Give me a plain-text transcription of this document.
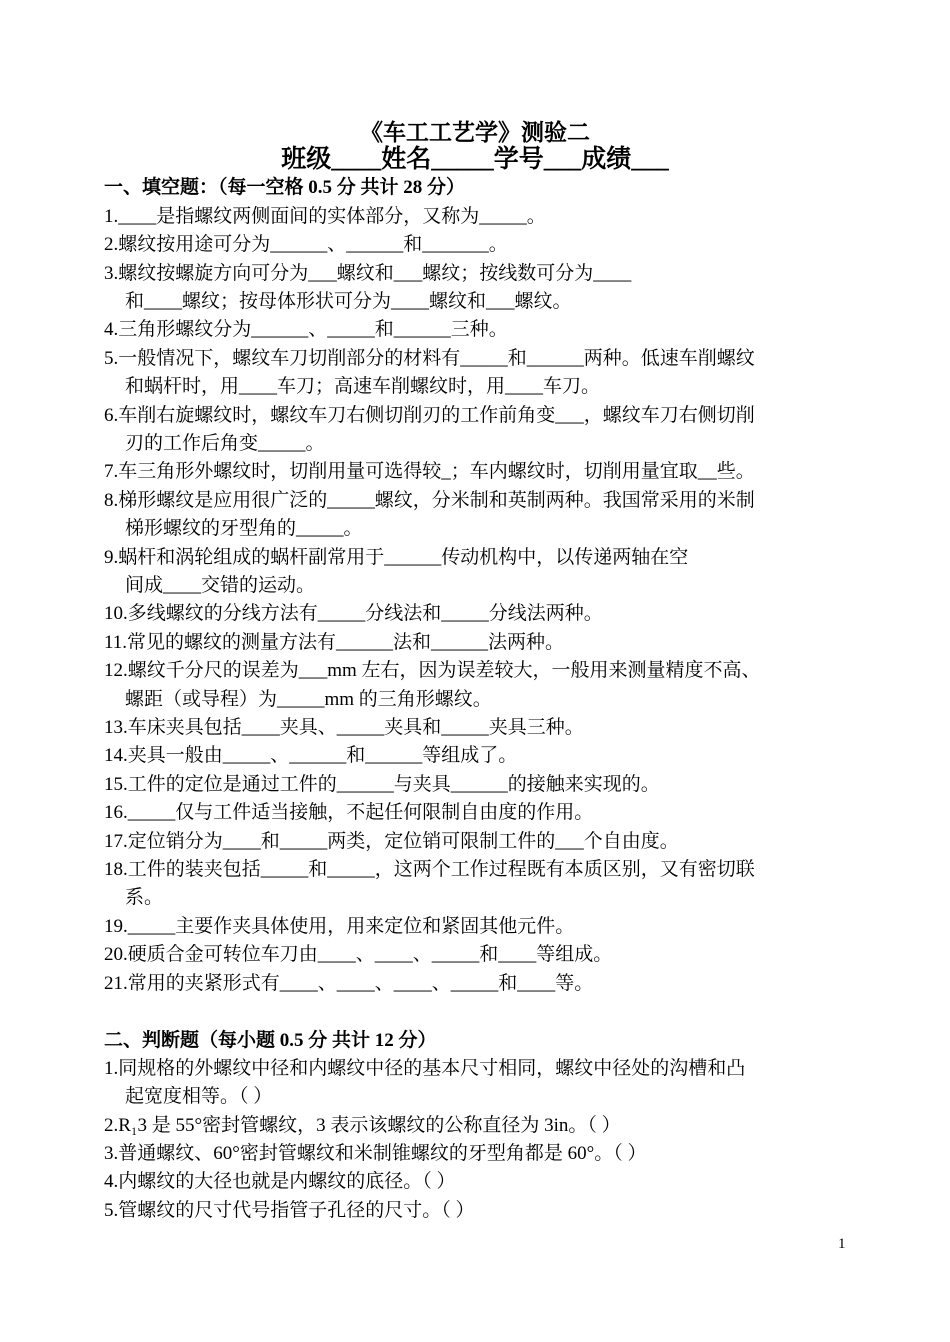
《车工工艺学》测验二
班级____姓名_____学号___成绩___
一、填空题：（每一空格 0.5 分 共计 28 分）
1.____是指螺纹两侧面间的实体部分，又称为_____。
2.螺纹按用途可分为______、______和_______。
3.螺纹按螺旋方向可分为___螺纹和___螺纹；按线数可分为____
和____螺纹；按母体形状可分为____螺纹和___螺纹。
4.三角形螺纹分为______、_____和______三种。
5.一般情况下，螺纹车刀切削部分的材料有_____和______两种。低速车削螺纹
和蜗杆时，用____车刀；高速车削螺纹时，用____车刀。
6.车削右旋螺纹时，螺纹车刀右侧切削刃的工作前角变___，螺纹车刀右侧切削
刃的工作后角变_____。
7.车三角形外螺纹时，切削用量可选得较_；车内螺纹时，切削用量宜取__些。
8.梯形螺纹是应用很广泛的_____螺纹，分米制和英制两种。我国常采用的米制
梯形螺纹的牙型角的_____。
9.蜗杆和涡轮组成的蜗杆副常用于______传动机构中，以传递两轴在空
间成____交错的运动。
10.多线螺纹的分线方法有_____分线法和_____分线法两种。
11.常见的螺纹的测量方法有______法和______法两种。
12.螺纹千分尺的误差为___mm 左右，因为误差较大，一般用来测量精度不高、
螺距（或导程）为_____mm 的三角形螺纹。
13.车床夹具包括____夹具、_____夹具和_____夹具三种。
14.夹具一般由_____、______和______等组成了。
15.工件的定位是通过工件的______与夹具______的接触来实现的。
16._____仅与工件适当接触，不起任何限制自由度的作用。
17.定位销分为____和_____两类，定位销可限制工件的___个自由度。
18.工件的装夹包括_____和_____，这两个工作过程既有本质区别，又有密切联
系。
19._____主要作夹具体使用，用来定位和紧固其他元件。
20.硬质合金可转位车刀由____、____、_____和____等组成。
21.常用的夹紧形式有____、____、____、_____和____等。
二、判断题（每小题 0.5 分 共计 12 分）
1.同规格的外螺纹中径和内螺纹中径的基本尺寸相同，螺纹中径处的沟槽和凸
起宽度相等。（ ）
2.R₁3 是 55°密封管螺纹，3 表示该螺纹的公称直径为 3in。（ ）
3.普通螺纹、60°密封管螺纹和米制锥螺纹的牙型角都是 60°。（ ）
4.内螺纹的大径也就是内螺纹的底径。（ ）
5.管螺纹的尺寸代号指管子孔径的尺寸。（ ）
1
